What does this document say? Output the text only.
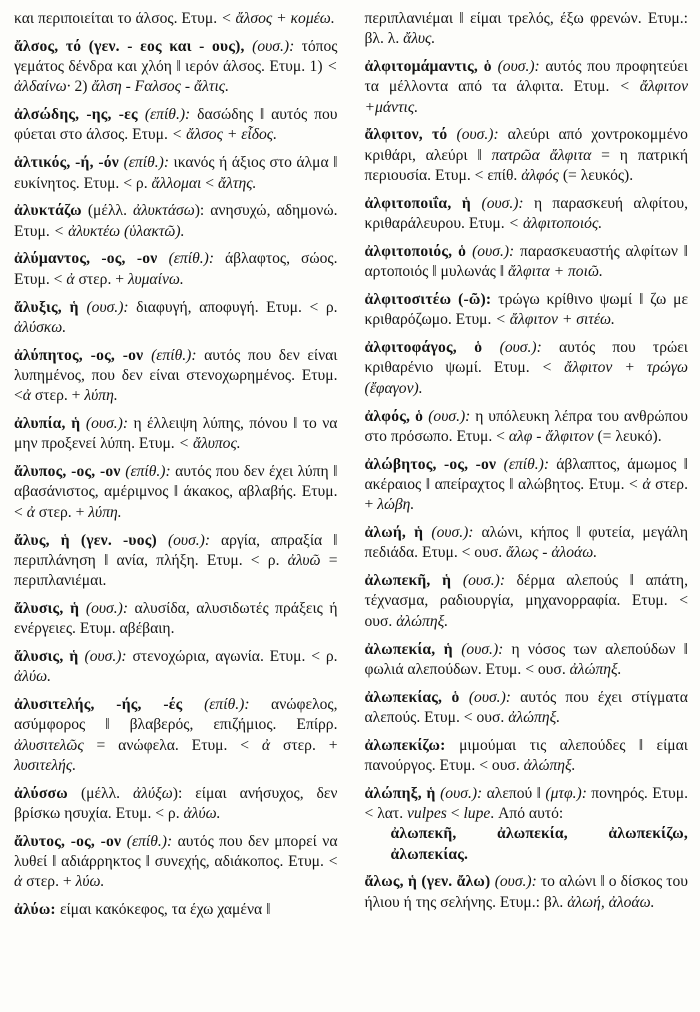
και περιποιείται το άλσος. Ετυμ. < ἄλσος + κομέω.

ἄλσος, τό (γεν. - εος και - ους), (ουσ.): τόπος γεμάτος δένδρα και χλόη ‖ ιερόν άλσος. Ετυμ. 1) < ἀλδαίνω· 2) ἄλση - Fαλσος - ἄλτις.

ἀλσώδης, -ης, -ες (επίθ.): δασώδης ‖ αυτός που φύεται στο άλσος. Ετυμ. < ἄλσος + εἶδος.

ἁλτικός, -ή, -όν (επίθ.): ικανός ή άξιος στο άλμα ‖ ευκίνητος. Ετυμ. < ρ. ἄλλομαι < ἄλτης.

ἀλυκτάζω (μέλλ. ἀλυκτάσω): ανησυχώ, αδημονώ. Ετυμ. < ἀλυκτέω (ὑλακτῶ).

ἀλύμαντος, -ος, -ον (επίθ.): άβλαφτος, σώος. Ετυμ. < ἀ στερ. + λυμαίνω.

ἄλυξις, ἡ (ουσ.): διαφυγή, αποφυγή. Ετυμ. < ρ. ἀλύσκω.

ἀλύπητος, -ος, -ον (επίθ.): αυτός που δεν είναι λυπημένος, που δεν είναι στενοχωρημένος. Ετυμ. <ἀ στερ. + λύπη.

ἀλυπία, ἡ (ουσ.): η έλλειψη λύπης, πόνου ‖ το να μην προξενεί λύπη. Ετυμ. < ἄλυπος.

ἄλυπος, -ος, -ον (επίθ.): αυτός που δεν έχει λύπη ‖ αβασάνιστος, αμέριμνος ‖ άκακος, αβλαβής. Ετυμ. < ἀ στερ. + λύπη.

ἄλυς, ἡ (γεν. -υος) (ουσ.): αργία, απραξία ‖ περιπλάνηση ‖ ανία, πλήξη. Ετυμ. < ρ. ἀλυῶ = περιπλανιέμαι.

ἄλυσις, ἡ (ουσ.): αλυσίδα, αλυσιδωτές πράξεις ή ενέργειες. Ετυμ. αβέβαιη.

ἄλυσις, ἡ (ουσ.): στενοχώρια, αγωνία. Ετυμ. < ρ. ἀλύω.

ἀλυσιτελής, -ής, -ές (επίθ.): ανώφελος, ασύμφορος ‖ βλαβερός, επιζήμιος. Επίρρ. ἀλυσιτελῶς = ανώφελα. Ετυμ. < ἀ στερ. + λυσιτελής.

ἀλύσσω (μέλλ. ἀλύξω): είμαι ανήσυχος, δεν βρίσκω ησυχία. Ετυμ. < ρ. ἀλύω.

ἄλυτος, -ος, -ον (επίθ.): αυτός που δεν μπορεί να λυθεί ‖ αδιάρρηκτος ‖ συνεχής, αδιάκοπος. Ετυμ. < ἀ στερ. + λύω.

ἀλύω: είμαι κακόκεφος, τα έχω χαμένα ‖

περιπλανιέμαι ‖ είμαι τρελός, έξω φρενών. Ετυμ.: βλ. λ. ἄλυς.

ἀλφιτομάμαντις, ὁ (ουσ.): αυτός που προφητεύει τα μέλλοντα από τα άλφιτα. Ετυμ. < ἄλφιτον +μάντις.

ἄλφιτον, τό (ουσ.): αλεύρι από χοντροκομμένο κριθάρι, αλεύρι ‖ πατρῶα ἄλφιτα = η πατρική περιουσία. Ετυμ. < επίθ. ἀλφός (= λευκός).

ἀλφιτοποιΐα, ἡ (ουσ.): η παρασκευή αλφίτου, κριθαράλευρου. Ετυμ. < ἀλφιτοποιός.

ἀλφιτοποιός, ὁ (ουσ.): παρασκευαστής αλφίτων ‖ αρτοποιός ‖ μυλωνάς ‖ ἄλφιτα + ποιῶ.

ἀλφιτοσιτέω (-ῶ): τρώγω κρίθινο ψωμί ‖ ζω με κριθαρόζωμο. Ετυμ. < ἄλφιτον + σιτέω.

ἀλφιτοφάγος, ὁ (ουσ.): αυτός που τρώει κριθαρένιο ψωμί. Ετυμ. < ἄλφιτον + τρώγω (ἔφαγον).

ἀλφός, ὁ (ουσ.): η υπόλευκη λέπρα του ανθρώπου στο πρόσωπο. Ετυμ. < αλφ - ἄλφιτον (= λευκό).

ἀλώβητος, -ος, -ον (επίθ.): άβλαπτος, άμωμος ‖ ακέραιος ‖ απείραχτος ‖ αλώβητος. Ετυμ. < ἀ στερ. + λώβη.

ἀλωή, ἡ (ουσ.): αλώνι, κήπος ‖ φυτεία, μεγάλη πεδιάδα. Ετυμ. < ουσ. ἄλως - ἀλοάω.

ἀλωπεκῆ, ἡ (ουσ.): δέρμα αλεπούς ‖ απάτη, τέχνασμα, ραδιουργία, μηχανορραφία. Ετυμ. < ουσ. ἀλώπηξ.

ἀλωπεκία, ἡ (ουσ.): η νόσος των αλεπούδων ‖ φωλιά αλεπούδων. Ετυμ. < ουσ. ἀλώπηξ.

ἀλωπεκίας, ὁ (ουσ.): αυτός που έχει στίγματα αλεπούς. Ετυμ. < ουσ. ἀλώπηξ.

ἀλωπεκίζω: μιμούμαι τις αλεπούδες ‖ είμαι πανούργος. Ετυμ. < ουσ. ἀλώπηξ.

ἀλώπηξ, ἡ (ουσ.): αλεπού ‖ (μτφ.): πονηρός. Ετυμ. < λατ. vulpes < lupe. Από αυτό:
ἀλωπεκῆ, ἀλωπεκία, ἀλωπεκίζω, ἀλωπεκίας.

ἄλως, ἡ (γεν. ἄλω) (ουσ.): το αλώνι ‖ ο δίσκος του ήλιου ή της σελήνης. Ετυμ.: βλ. ἀλωή, ἀλοάω.
